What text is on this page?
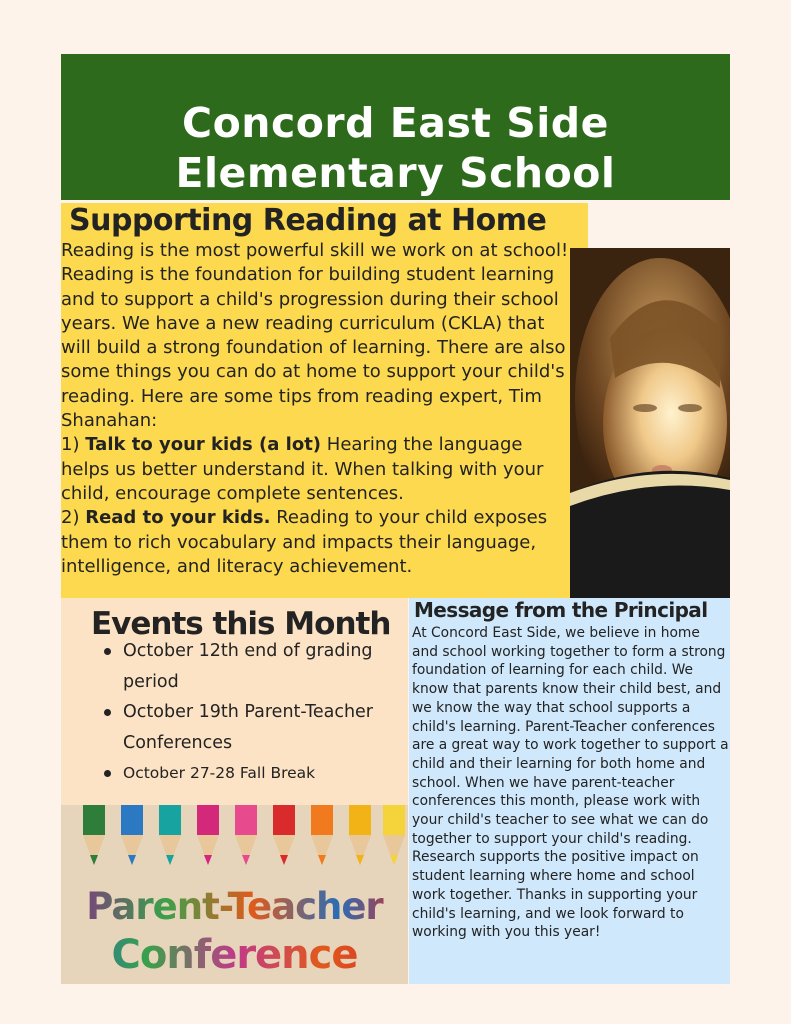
Concord East Side
Elementary School
Supporting Reading at Home
Reading is the most powerful skill we work on at school! Reading is the foundation for building student learning and to support a child's progression during their school years. We have a new reading curriculum (CKLA) that will build a strong foundation of learning. There are also some things you can do at home to support your child's reading. Here are some tips from reading expert, Tim Shanahan:
1) Talk to your kids (a lot) Hearing the language helps us better understand it. When talking with your child, encourage complete sentences.
2) Read to your kids. Reading to your child exposes them to rich vocabulary and impacts their language, intelligence, and literacy achievement.
Events this Month
October 12th end of grading period
October 19th Parent-Teacher Conferences
October 27-28 Fall Break
Parent-Teacher
Conference
Message from the Principal
At Concord East Side, we believe in home and school working together to form a strong foundation of learning for each child. We know that parents know their child best, and we know the way that school supports a child's learning. Parent-Teacher conferences are a great way to work together to support a child and their learning for both home and school. When we have parent-teacher conferences this month, please work with your child's teacher to see what we can do together to support your child's reading. Research supports the positive impact on student learning where home and school work together. Thanks in supporting your child's learning, and we look forward to working with you this year!
